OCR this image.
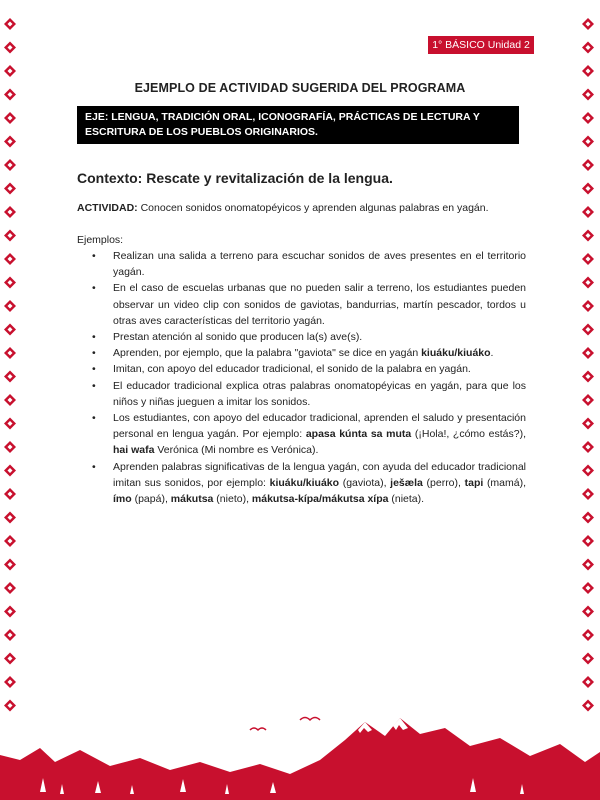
1° BÁSICO Unidad 2
EJEMPLO DE ACTIVIDAD SUGERIDA DEL PROGRAMA
EJE: LENGUA, TRADICIÓN ORAL, ICONOGRAFÍA, PRÁCTICAS DE LECTURA Y ESCRITURA DE LOS PUEBLOS ORIGINARIOS.
Contexto: Rescate y revitalización de la lengua.
ACTIVIDAD: Conocen sonidos onomatopéyicos y aprenden algunas palabras en yagán.
Ejemplos:
• Realizan una salida a terreno para escuchar sonidos de aves presentes en el territorio yagán.
• En el caso de escuelas urbanas que no pueden salir a terreno, los estudiantes pueden observar un video clip con sonidos de gaviotas, bandurrias, martín pescador, tordos u otras aves características del territorio yagán.
• Prestan atención al sonido que producen la(s) ave(s).
• Aprenden, por ejemplo, que la palabra "gaviota" se dice en yagán kiuáku/kiuáko.
• Imitan, con apoyo del educador tradicional, el sonido de la palabra en yagán.
• El educador tradicional explica otras palabras onomatopéyicas en yagán, para que los niños y niñas jueguen a imitar los sonidos.
• Los estudiantes, con apoyo del educador tradicional, aprenden el saludo y presentación personal en lengua yagán. Por ejemplo: apasa kúnta sa muta (¡Hola!, ¿cómo estás?), hai wafa Verónica (Mi nombre es Verónica).
• Aprenden palabras significativas de la lengua yagán, con ayuda del educador tradicional imitan sus sonidos, por ejemplo: kiuáku/kiuáko (gaviota), ješæla (perro), tapi (mamá), ímo (papá), mákutsa (nieto), mákutsa-kípa/mákutsa xípa (nieta).
